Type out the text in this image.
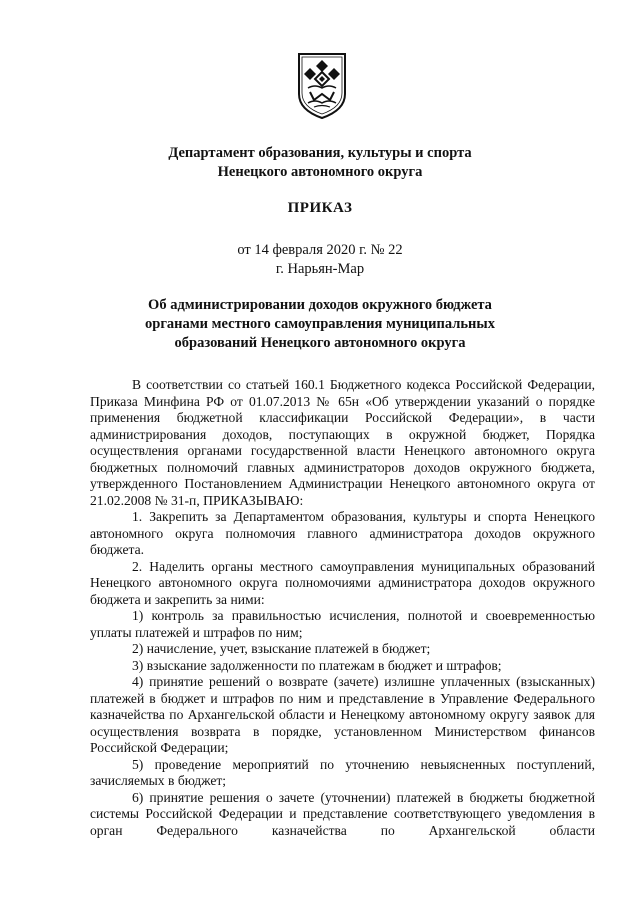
Департамент образования, культуры и спорта
Ненецкого автономного округа
ПРИКАЗ
от 14 февраля 2020 г. № 22
г. Нарьян-Мар
Об администрировании доходов окружного бюджета
органами местного самоуправления муниципальных
образований Ненецкого автономного округа

В соответствии со статьей 160.1 Бюджетного кодекса Российской Федерации, Приказа Минфина РФ от 01.07.2013 № 65н «Об утверждении указаний о порядке применения бюджетной классификации Российской Федерации», в части администрирования доходов, поступающих в окружной бюджет, Порядка осуществления органами государственной власти Ненецкого автономного округа бюджетных полномочий главных администраторов доходов окружного бюджета, утвержденного Постановлением Администрации Ненецкого автономного округа от 21.02.2008 № 31-п, ПРИКАЗЫВАЮ:

1. Закрепить за Департаментом образования, культуры и спорта Ненецкого автономного округа полномочия главного администратора доходов окружного бюджета.

2. Наделить органы местного самоуправления муниципальных образований Ненецкого автономного округа полномочиями администратора доходов окружного бюджета и закрепить за ними:

1) контроль за правильностью исчисления, полнотой и своевременностью уплаты платежей и штрафов по ним;

2) начисление, учет, взыскание платежей в бюджет;

3) взыскание задолженности по платежам в бюджет и штрафов;

4) принятие решений о возврате (зачете) излишне уплаченных (взысканных) платежей в бюджет и штрафов по ним и представление в Управление Федерального казначейства по Архангельской области и Ненецкому автономному округу заявок для осуществления возврата в порядке, установленном Министерством финансов Российской Федерации;

5) проведение мероприятий по уточнению невыясненных поступлений, зачисляемых в бюджет;

6) принятие решения о зачете (уточнении) платежей в бюджеты бюджетной системы Российской Федерации и представление соответствующего уведомления в орган Федерального казначейства по Архангельской области
